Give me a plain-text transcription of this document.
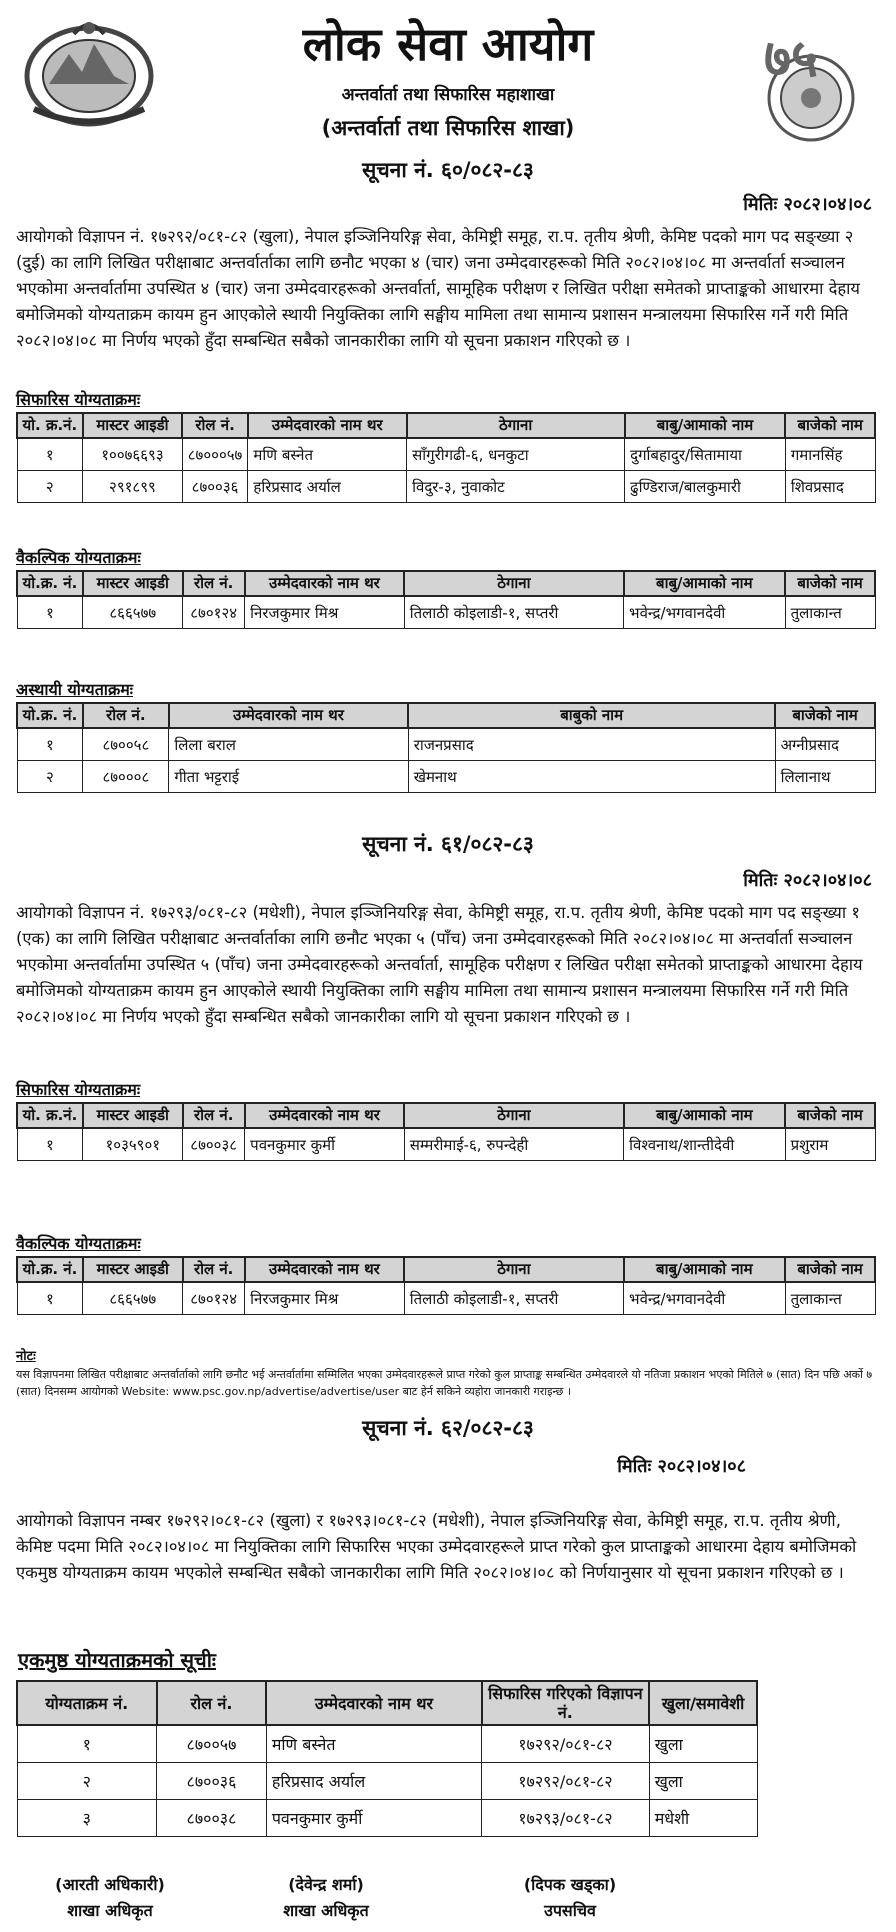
७५
लोक सेवा आयोग
अन्तर्वार्ता तथा सिफारिस महाशाखा
(अन्तर्वार्ता तथा सिफारिस शाखा)
सूचना नं. ६०/०८२-८३
मितिः २०८२।०४।०८
आयोगको विज्ञापन नं. १७२९२/०८१-८२ (खुला), नेपाल इञ्जिनियरिङ्ग सेवा, केमिष्ट्री समूह, रा.प. तृतीय श्रेणी, केमिष्ट पदको माग पद सङ्ख्या २ (दुई) का लागि लिखित परीक्षाबाट अन्तर्वार्ताका लागि छनौट भएका ४ (चार) जना उम्मेदवारहरूको मिति २०८२।०४।०८ मा अन्तर्वार्ता सञ्चालन भएकोमा अन्तर्वार्तामा उपस्थित ४ (चार) जना उम्मेदवारहरूको अन्तर्वार्ता, सामूहिक परीक्षण र लिखित परीक्षा समेतको प्राप्ताङ्कको आधारमा देहाय बमोजिमको योग्यताक्रम कायम हुन आएकोले स्थायी नियुक्तिका लागि सङ्घीय मामिला तथा सामान्य प्रशासन मन्त्रालयमा सिफारिस गर्ने गरी मिति २०८२।०४।०८ मा निर्णय भएको हुँदा सम्बन्धित सबैको जानकारीका लागि यो सूचना प्रकाशन गरिएको छ ।
सिफारिस योग्यताक्रमः
यो. क्र.नं.	मास्टर आइडी	रोल नं.	उम्मेदवारको नाम थर	ठेगाना	बाबु/आमाको नाम	बाजेको नाम
१	१००७६६९३	८७०००५७	मणि बस्नेत	साँगुरीगढी-६, धनकुटा	दुर्गाबहादुर/सितामाया	गमानसिंह
२	२९१८९९	८७००३६	हरिप्रसाद अर्याल	विदुर-३, नुवाकोट	ढुण्डिराज/बालकुमारी	शिवप्रसाद
वैकल्पिक योग्यताक्रमः
यो.क्र. नं.	मास्टर आइडी	रोल नं.	उम्मेदवारको नाम थर	ठेगाना	बाबु/आमाको नाम	बाजेको नाम
१	८६६५७७	८७०१२४	निरजकुमार मिश्र	तिलाठी कोइलाडी-१, सप्तरी	भवेन्द्र/भगवानदेवी	तुलाकान्त
अस्थायी योग्यताक्रमः
यो.क्र. नं.	रोल नं.	उम्मेदवारको नाम थर	बाबुको नाम	बाजेको नाम
१	८७००५८	लिला बराल	राजनप्रसाद	अग्नीप्रसाद
२	८७०००८	गीता भट्टराई	खेमनाथ	लिलानाथ
सूचना नं. ६१/०८२-८३
मितिः २०८२।०४।०८
आयोगको विज्ञापन नं. १७२९३/०८१-८२ (मधेशी), नेपाल इञ्जिनियरिङ्ग सेवा, केमिष्ट्री समूह, रा.प. तृतीय श्रेणी, केमिष्ट पदको माग पद सङ्ख्या १ (एक) का लागि लिखित परीक्षाबाट अन्तर्वार्ताका लागि छनौट भएका ५ (पाँच) जना उम्मेदवारहरूको मिति २०८२।०४।०८ मा अन्तर्वार्ता सञ्चालन भएकोमा अन्तर्वार्तामा उपस्थित ५ (पाँच) जना उम्मेदवारहरूको अन्तर्वार्ता, सामूहिक परीक्षण र लिखित परीक्षा समेतको प्राप्ताङ्कको आधारमा देहाय बमोजिमको योग्यताक्रम कायम हुन आएकोले स्थायी नियुक्तिका लागि सङ्घीय मामिला तथा सामान्य प्रशासन मन्त्रालयमा सिफारिस गर्ने गरी मिति २०८२।०४।०८ मा निर्णय भएको हुँदा सम्बन्धित सबैको जानकारीका लागि यो सूचना प्रकाशन गरिएको छ ।
सिफारिस योग्यताक्रमः
यो. क्र.नं.	मास्टर आइडी	रोल नं.	उम्मेदवारको नाम थर	ठेगाना	बाबु/आमाको नाम	बाजेको नाम
१	१०३५९०१	८७००३८	पवनकुमार कुर्मी	सम्मरीमाई-६, रुपन्देही	विश्वनाथ/शान्तीदेवी	प्रशुराम
वैकल्पिक योग्यताक्रमः
यो.क्र. नं.	मास्टर आइडी	रोल नं.	उम्मेदवारको नाम थर	ठेगाना	बाबु/आमाको नाम	बाजेको नाम
१	८६६५७७	८७०१२४	निरजकुमार मिश्र	तिलाठी कोइलाडी-१, सप्तरी	भवेन्द्र/भगवानदेवी	तुलाकान्त
नोटः
यस विज्ञापनमा लिखित परीक्षाबाट अन्तर्वार्ताको लागि छनौट भई अन्तर्वार्तामा सम्मिलित भएका उम्मेदवारहरूले प्राप्त गरेको कुल प्राप्ताङ्क सम्बन्धित उम्मेदवारले यो नतिजा प्रकाशन भएको मितिले ७ (सात) दिन पछि अर्को ७ (सात) दिनसम्म आयोगको Website: www.psc.gov.np/advertise/advertise/user बाट हेर्न सकिने व्यहोरा जानकारी गराइन्छ ।
सूचना नं. ६२/०८२-८३
मितिः २०८२।०४।०८
आयोगको विज्ञापन नम्बर १७२९२।०८१-८२ (खुला) र १७२९३।०८१-८२ (मधेशी), नेपाल इञ्जिनियरिङ्ग सेवा, केमिष्ट्री समूह, रा.प. तृतीय श्रेणी, केमिष्ट पदमा मिति २०८२।०४।०८ मा नियुक्तिका लागि सिफारिस भएका उम्मेदवारहरूले प्राप्त गरेको कुल प्राप्ताङ्कको आधारमा देहाय बमोजिमको एकमुष्ठ योग्यताक्रम कायम भएकोले सम्बन्धित सबैको जानकारीका लागि मिति २०८२।०४।०८ को निर्णयानुसार यो सूचना प्रकाशन गरिएको छ ।
एकमुष्ठ योग्यताक्रमको सूचीः
योग्यताक्रम नं.	रोल नं.	उम्मेदवारको नाम थर	सिफारिस गरिएको विज्ञापन नं.	खुला/समावेशी
१	८७००५७	मणि बस्नेत	१७२९२/०८१-८२	खुला
२	८७००३६	हरिप्रसाद अर्याल	१७२९२/०८१-८२	खुला
३	८७००३८	पवनकुमार कुर्मी	१७२९३/०८१-८२	मधेशी
(आरती अधिकारी)
शाखा अधिकृत
(देवेन्द्र शर्मा)
शाखा अधिकृत
(दिपक खड्का)
उपसचिव
